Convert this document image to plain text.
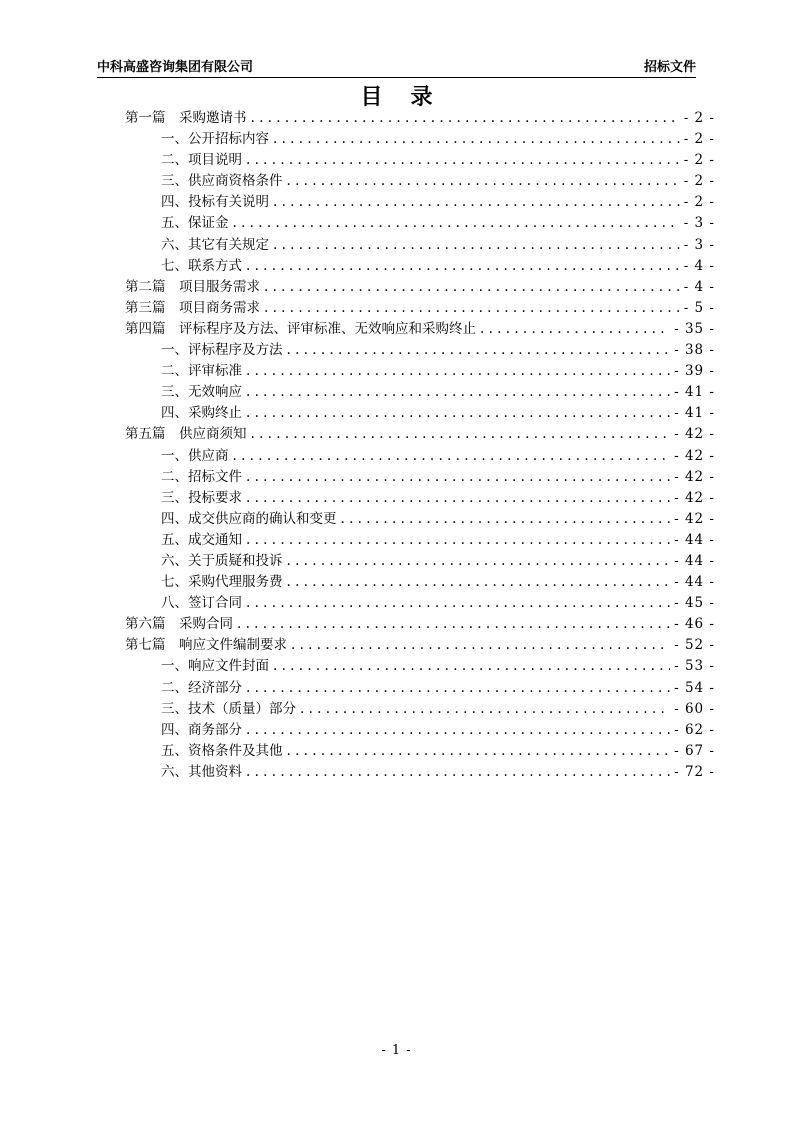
中科高盛咨询集团有限公司	招标文件
目录
第一篇　采购邀请书 . . .	- 2 -
一、公开招标内容 . . .	- 2 -
二、项目说明 . . .	- 2 -
三、供应商资格条件 . . .	- 2 -
四、投标有关说明 . . .	- 2 -
五、保证金 . . .	- 3 -
六、其它有关规定 . . .	- 3 -
七、联系方式 . . .	- 4 -
第二篇　项目服务需求 . . .	- 4 -
第三篇　项目商务需求 . . .	- 5 -
第四篇　评标程序及方法、评审标准、无效响应和采购终止 . . .	- 35 -
一、评标程序及方法 . . .	- 38 -
二、评审标准 . . .	- 39 -
三、无效响应 . . .	- 41 -
四、采购终止 . . .	- 41 -
第五篇　供应商须知 . . .	- 42 -
一、供应商 . . .	- 42 -
二、招标文件 . . .	- 42 -
三、投标要求 . . .	- 42 -
四、成交供应商的确认和变更 . . .	- 42 -
五、成交通知 . . .	- 44 -
六、关于质疑和投诉 . . .	- 44 -
七、采购代理服务费 . . .	- 44 -
八、签订合同 . . .	- 45 -
第六篇　采购合同 . . .	- 46 -
第七篇　响应文件编制要求 . . .	- 52 -
一、响应文件封面 . . .	- 53 -
二、经济部分 . . .	- 54 -
三、技术（质量）部分 . . .	- 60 -
四、商务部分 . . .	- 62 -
五、资格条件及其他 . . .	- 67 -
六、其他资料 . . .	- 72 -
- 1 -
